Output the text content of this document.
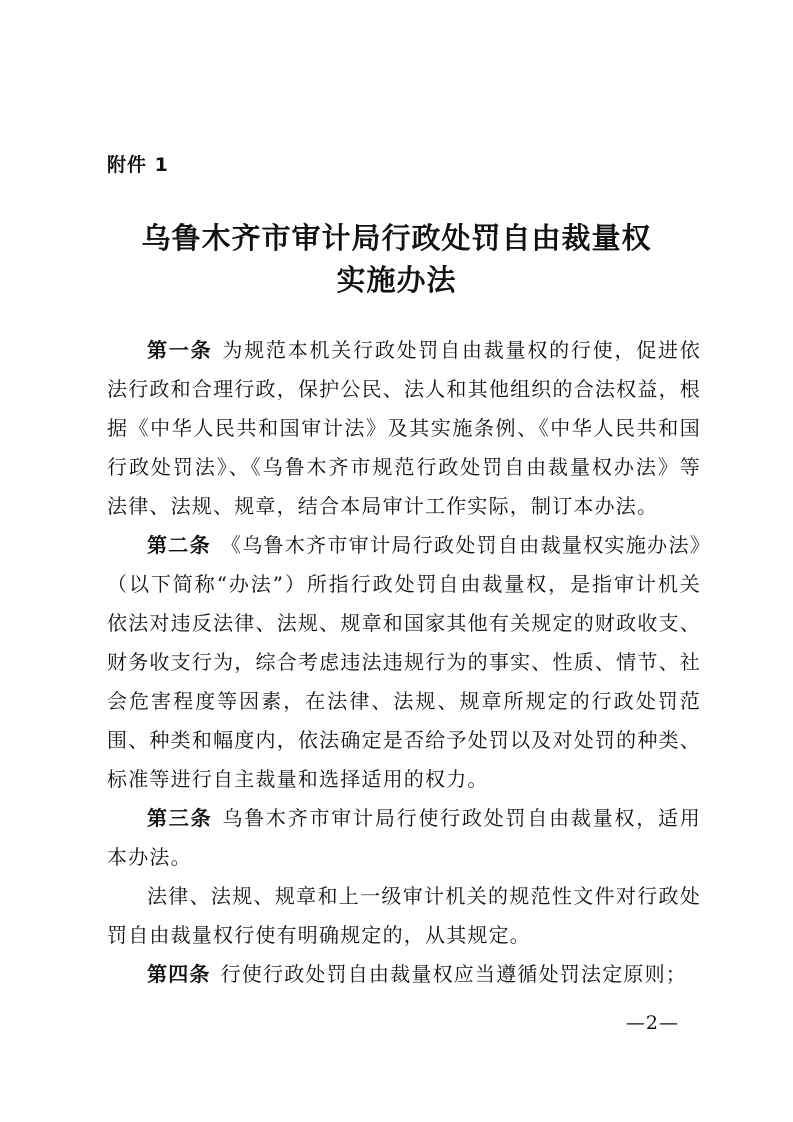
附件 1
乌鲁木齐市审计局行政处罚自由裁量权
实施办法

第一条 为规范本机关行政处罚自由裁量权的行使，促进依法行政和合理行政，保护公民、法人和其他组织的合法权益，根据《中华人民共和国审计法》及其实施条例、《中华人民共和国行政处罚法》、《乌鲁木齐市规范行政处罚自由裁量权办法》等法律、法规、规章，结合本局审计工作实际，制订本办法。

第二条 《乌鲁木齐市审计局行政处罚自由裁量权实施办法》（以下简称“办法”）所指行政处罚自由裁量权，是指审计机关依法对违反法律、法规、规章和国家其他有关规定的财政收支、财务收支行为，综合考虑违法违规行为的事实、性质、情节、社会危害程度等因素，在法律、法规、规章所规定的行政处罚范围、种类和幅度内，依法确定是否给予处罚以及对处罚的种类、标准等进行自主裁量和选择适用的权力。

第三条 乌鲁木齐市审计局行使行政处罚自由裁量权，适用本办法。

法律、法规、规章和上一级审计机关的规范性文件对行政处罚自由裁量权行使有明确规定的，从其规定。

第四条 行使行政处罚自由裁量权应当遵循处罚法定原则；

—2—
